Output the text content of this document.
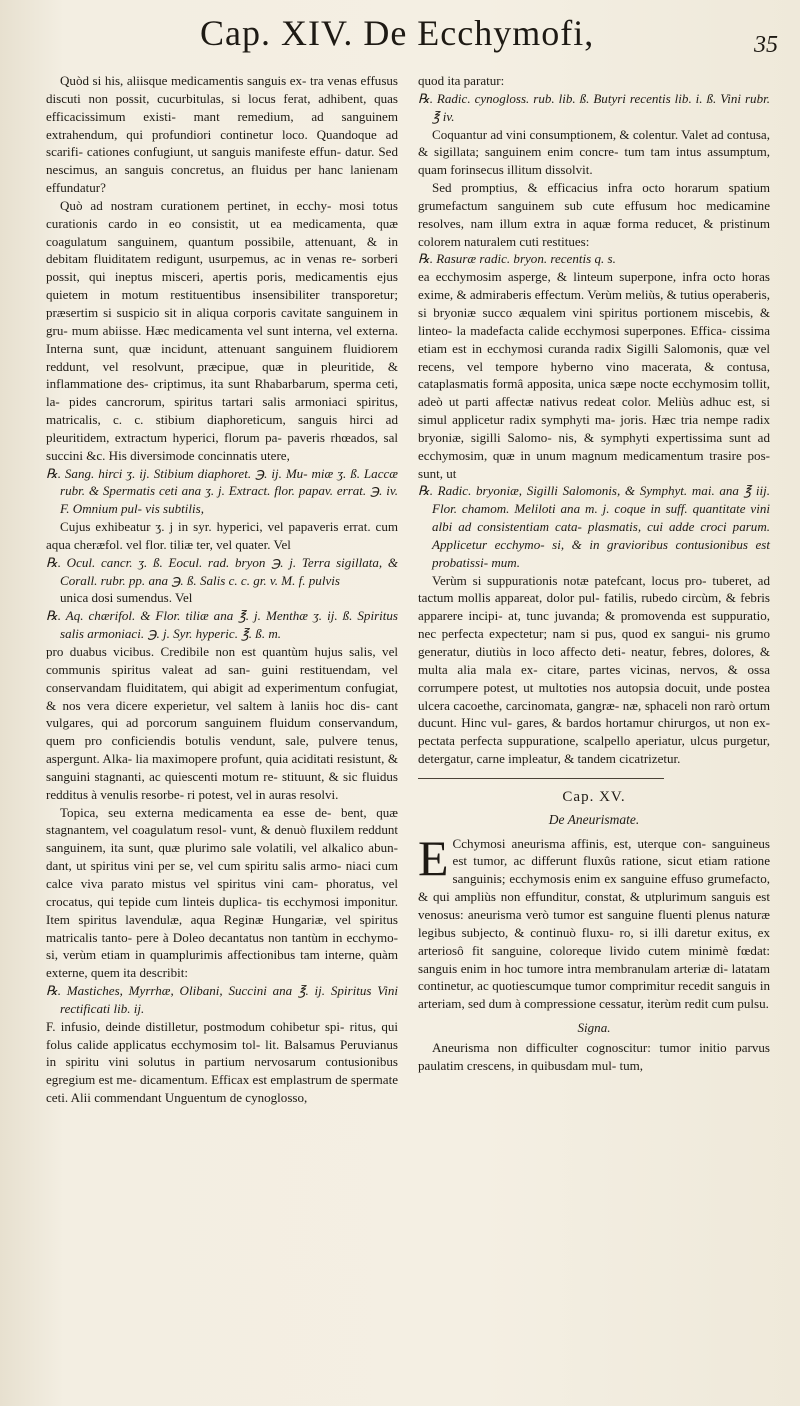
Cap. XIV. De Ecchymofi,	35

Quòd si his, aliisque medicamentis sanguis ex- tra venas effusus discuti non possit, cucurbitulas, si locus ferat, adhibent, quas efficacissimum existi- mant remedium, ad sanguinem extrahendum, qui profundiori continetur loco. Quandoque ad scarifi- cationes confugiunt, ut sanguis manifeste effun- datur. Sed nescimus, an sanguis concretus, an fluidus per hanc lanienam effundatur?

Quò ad nostram curationem pertinet, in ecchy- mosi totus curationis cardo in eo consistit, ut ea medicamenta, quæ coagulatum sanguinem, quantum possibile, attenuant, & in debitam fluiditatem redigunt, usurpemus, ac in venas re- sorberi possit, qui ineptus misceri, apertis poris, medicamentis ejus quietem in motum restituentibus insensibiliter transporetur; præsertim si suspicio sit in aliqua corporis cavitate sanguinem in gru- mum abiisse. Hæc medicamenta vel sunt interna, vel externa. Interna sunt, quæ incidunt, attenuant sanguinem fluidiorem reddunt, vel resolvunt, præcipue, quæ in pleuritide, & inflammatione des- criptimus, ita sunt Rhabarbarum, sperma ceti, la- pides cancrorum, spiritus tartari salis armoniaci spiritus, matricalis, c. c. stibium diaphoreticum, sanguis hirci ad pleuritidem, extractum hyperici, florum pa- paveris rhœados, sal succini &c. His diversimode concinnatis utere,

℞. Sang. hirci ʒ. ij. Stibium diaphoret. ℈. ij. Mu- miæ ʒ. ß. Laccæ rubr. & Spermatis ceti ana ʒ. j. Extract. flor. papav. errat. ℈. iv. F. Omnium pul- vis subtilis,

Cujus exhibeatur ʒ. j in syr. hyperici, vel papaveris errat. cum aqua cheræfol. vel flor. tiliæ ter, vel quater. Vel

℞. Ocul. cancr. ʒ. ß. Eocul. rad. bryon ℈. j. Terra sigillata, & Corall. rubr. pp. ana ℈. ß. Salis c. c. gr. v. M. f. pulvis

unica dosi sumendus. Vel

℞. Aq. chærifol. & Flor. tiliæ ana ℥. j. Menthæ ʒ. ij. ß. Spiritus salis armoniaci. ℈. j. Syr. hyperic. ℥. ß. m.

pro duabus vicibus. Credibile non est quantùm hujus salis, vel communis spiritus valeat ad san- guini restituendam, vel conservandam fluiditatem, qui abigit ad experimentum confugiat, & nos vera dicere experietur, vel saltem à laniis hoc dis- cant vulgares, qui ad porcorum sanguinem fluidum conservandum, quem pro conficiendis botulis vendunt, sale, pulvere tenus, aspergunt. Alka- lia maximopere profunt, quia aciditati resistunt, & sanguini stagnanti, ac quiescenti motum re- stituunt, & sic fluidus redditus à venulis resorbe- ri potest, vel in auras resolvi.

Topica, seu externa medicamenta ea esse de- bent, quæ stagnantem, vel coagulatum resol- vunt, & denuò fluxilem reddunt sanguinem, ita sunt, quæ plurimo sale volatili, vel alkalico abun- dant, ut spiritus vini per se, vel cum spiritu salis armo- niaci cum calce viva parato mistus vel spiritus vini cam- phoratus, vel crocatus, qui tepide cum linteis duplica- tis ecchymosi imponitur. Item spiritus lavendulæ, aqua Reginæ Hungariæ, vel spiritus matricalis tanto- pere à Doleo decantatus non tantùm in ecchymo- si, verùm etiam in quamplurimis affectionibus tam interne, quàm externe, quem ita describit:

℞. Mastiches, Myrrhæ, Olibani, Succini ana ℥. ij. Spiritus Vini rectificati lib. ij.

F. infusio, deinde distilletur, postmodum cohibetur spi- ritus, qui folus calide applicatus ecchymosim tol- lit. Balsamus Peruvianus in spiritu vini solutus in partium nervosarum contusionibus egregium est me- dicamentum. Efficax est emplastrum de spermate ceti. Alii commendant Unguentum de cynoglosso,

quod ita paratur:

℞. Radic. cynogloss. rub. lib. ß. Butyri recentis lib. i. ß. Vini rubr. ℥ iv.

Coquantur ad vini consumptionem, & colentur. Valet ad contusa, & sigillata; sanguinem enim concre- tum tam intus assumptum, quam forinsecus illitum dissolvit.

Sed promptius, & efficacius infra octo horarum spatium grumefactum sanguinem sub cute effusum hoc medicamine resolves, nam illum extra in aquæ forma reducet, & pristinum colorem naturalem cuti restitues:

℞. Rasuræ radic. bryon. recentis q. s.

ea ecchymosim asperge, & linteum superpone, infra octo horas exime, & admiraberis effectum. Verùm meliùs, & tutius operaberis, si bryoniæ succo æqualem vini spiritus portionem miscebis, & linteo- la madefacta calide ecchymosi superpones. Effica- cissima etiam est in ecchymosi curanda radix Sigilli Salomonis, quæ vel recens, vel tempore hyberno vino macerata, & contusa, cataplasmatis formâ apposita, unica sæpe nocte ecchymosim tollit, adeò ut parti affectæ nativus redeat color. Meliùs adhuc est, si simul applicetur radix symphyti ma- joris. Hæc tria nempe radix bryoniæ, sigilli Salomo- nis, & symphyti expertissima sunt ad ecchymosim, quæ in unum magnum medicamentum trasire pos- sunt, ut

℞. Radic. bryoniæ, Sigilli Salomonis, & Symphyt. mai. ana ℥ iij. Flor. chamom. Meliloti ana m. j. coque in suff. quantitate vini albi ad consistentiam cata- plasmatis, cui adde croci parum. Applicetur ecchymo- si, & in gravioribus contusionibus est probatissi- mum.

Verùm si suppurationis notæ patefcant, locus pro- tuberet, ad tactum mollis appareat, dolor pul- fatilis, rubedo circùm, & febris apparere incipi- at, tunc juvanda; & promovenda est suppuratio, nec perfecta expectetur; nam si pus, quod ex sangui- nis grumo generatur, diutiùs in loco affecto deti- neatur, febres, dolores, & multa alia mala ex- citare, partes vicinas, nervos, & ossa corrumpere potest, ut multoties nos autopsia docuit, unde postea ulcera cacoethe, carcinomata, gangræ- næ, sphaceli non rarò ortum ducunt. Hinc vul- gares, & bardos hortamur chirurgos, ut non ex- pectata perfecta suppuratione, scalpello aperiatur, ulcus purgetur, detergatur, carne impleatur, & tandem cicatrizetur.

Cap. XV.
De Aneurismate.

E Cchymosi aneurisma affinis, est, uterque con- sanguineus est tumor, ac differunt fluxûs ratione, sicut etiam ratione sanguinis; ecchymosis enim ex sanguine effuso grumefacto, & qui ampliùs non effunditur, constat, & utplurimum sanguis est venosus: aneurisma verò tumor est sanguine fluenti plenus naturæ legibus subjecto, & continuò fluxu- ro, si illi daretur exitus, ex arteriosô fit sanguine, coloreque livido cutem minimè fœdat: sanguis enim in hoc tumore intra membranulam arteriæ di- latatam continetur, ac quotiescumque tumor comprimitur recedit sanguis in arteriam, sed dum à compressione cessatur, iterùm redit cum pulsu.

Signa.

Aneurisma non difficulter cognoscitur: tumor initio parvus paulatim crescens, in quibusdam mul- tum,
